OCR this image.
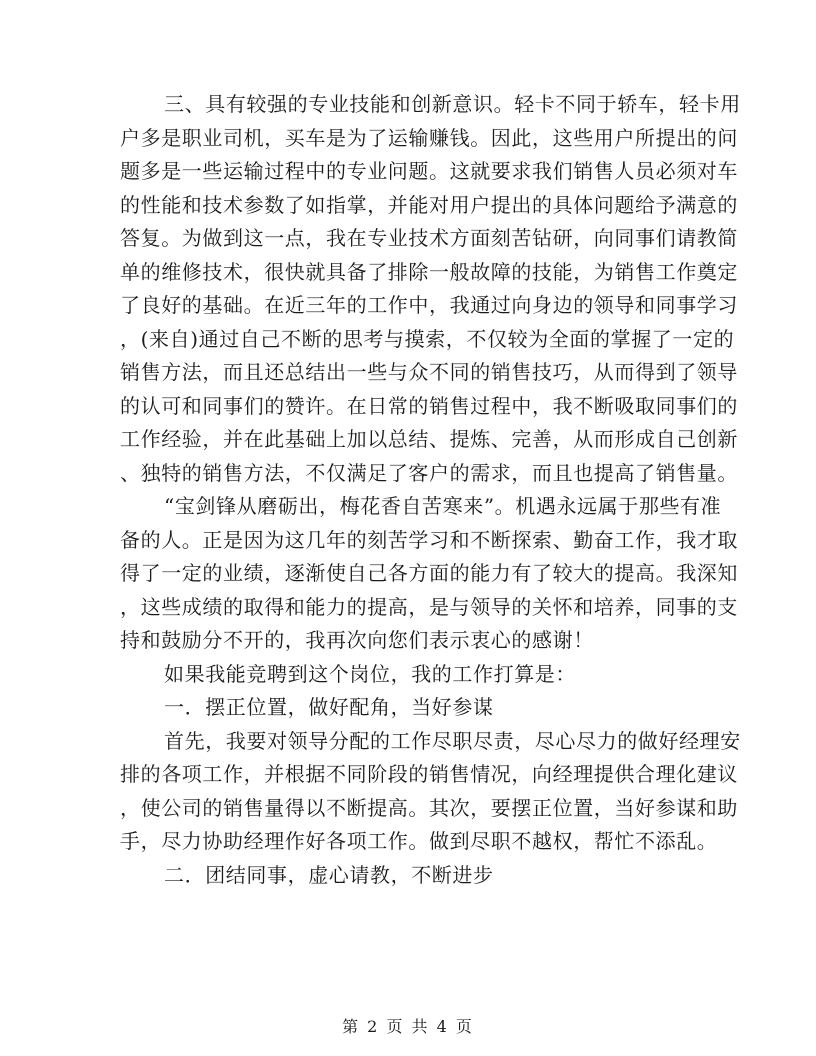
三、具有较强的专业技能和创新意识。轻卡不同于轿车，轻卡用
户多是职业司机，买车是为了运输赚钱。因此，这些用户所提出的问
题多是一些运输过程中的专业问题。这就要求我们销售人员必须对车
的性能和技术参数了如指掌，并能对用户提出的具体问题给予满意的
答复。为做到这一点，我在专业技术方面刻苦钻研，向同事们请教简
单的维修技术，很快就具备了排除一般故障的技能，为销售工作奠定
了良好的基础。在近三年的工作中，我通过向身边的领导和同事学习
，(来自)通过自己不断的思考与摸索，不仅较为全面的掌握了一定的
销售方法，而且还总结出一些与众不同的销售技巧，从而得到了领导
的认可和同事们的赞许。在日常的销售过程中，我不断吸取同事们的
工作经验，并在此基础上加以总结、提炼、完善，从而形成自己创新
、独特的销售方法，不仅满足了客户的需求，而且也提高了销售量。
“宝剑锋从磨砺出，梅花香自苦寒来”。机遇永远属于那些有准
备的人。正是因为这几年的刻苦学习和不断探索、勤奋工作，我才取
得了一定的业绩，逐渐使自己各方面的能力有了较大的提高。我深知
，这些成绩的取得和能力的提高，是与领导的关怀和培养，同事的支
持和鼓励分不开的，我再次向您们表示衷心的感谢！
如果我能竞聘到这个岗位，我的工作打算是：
一．摆正位置，做好配角，当好参谋
首先，我要对领导分配的工作尽职尽责，尽心尽力的做好经理安
排的各项工作，并根据不同阶段的销售情况，向经理提供合理化建议
，使公司的销售量得以不断提高。其次，要摆正位置，当好参谋和助
手，尽力协助经理作好各项工作。做到尽职不越权，帮忙不添乱。
二．团结同事，虚心请教，不断进步
第 2 页 共 4 页
